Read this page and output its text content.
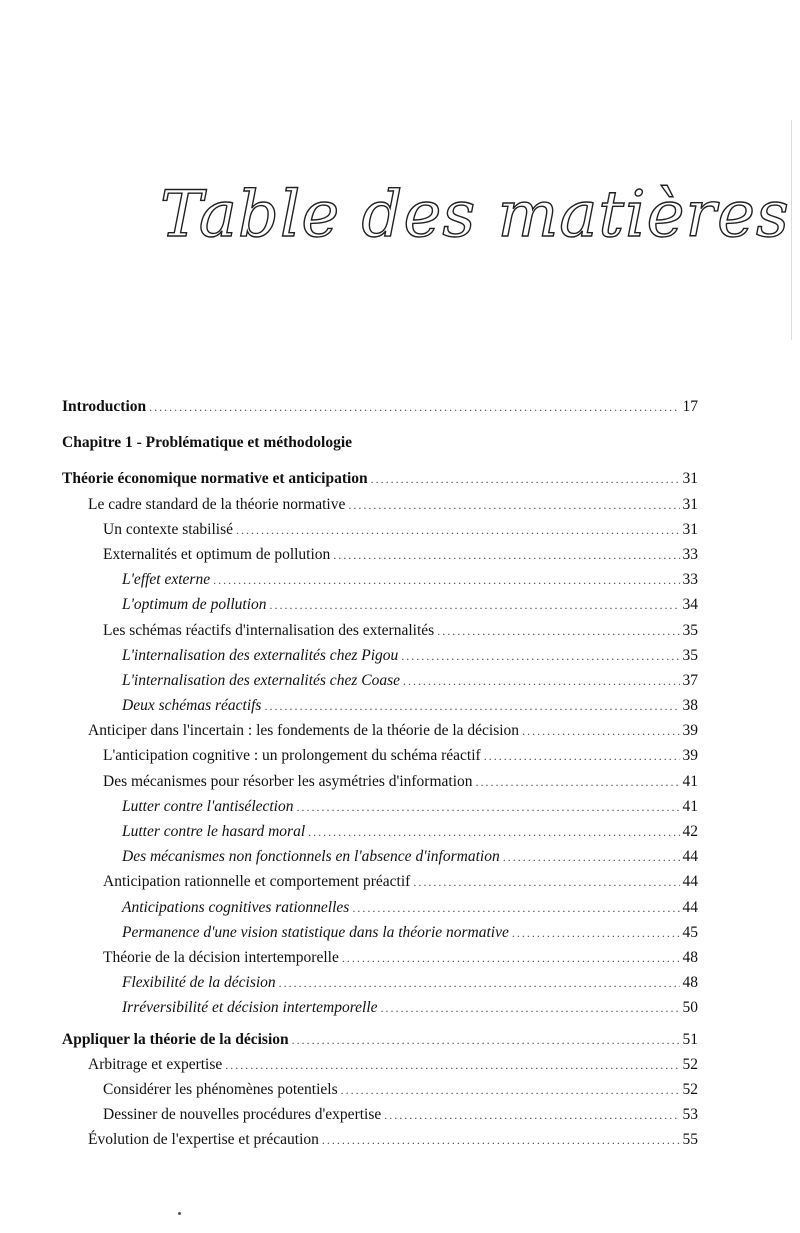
Table des matières
Introduction .....	17
Chapitre 1 - Problématique et méthodologie
Théorie économique normative et anticipation .....	31
Le cadre standard de la théorie normative .....	31
Un contexte stabilisé .....	31
Externalités et optimum de pollution .....	33
L'effet externe .....	33
L'optimum de pollution .....	34
Les schémas réactifs d'internalisation des externalités .....	35
L'internalisation des externalités chez Pigou .....	35
L'internalisation des externalités chez Coase .....	37
Deux schémas réactifs .....	38
Anticiper dans l'incertain : les fondements de la théorie de la décision .....	39
L'anticipation cognitive : un prolongement du schéma réactif .....	39
Des mécanismes pour résorber les asymétries d'information .....	41
Lutter contre l'antisélection .....	41
Lutter contre le hasard moral .....	42
Des mécanismes non fonctionnels en l'absence d'information .....	44
Anticipation rationnelle et comportement préactif .....	44
Anticipations cognitives rationnelles .....	44
Permanence d'une vision statistique dans la théorie normative .....	45
Théorie de la décision intertemporelle .....	48
Flexibilité de la décision .....	48
Irréversibilité et décision intertemporelle .....	50
Appliquer la théorie de la décision .....	51
Arbitrage et expertise .....	52
Considérer les phénomènes potentiels .....	52
Dessiner de nouvelles procédures d'expertise .....	53
Évolution de l'expertise et précaution .....	55
